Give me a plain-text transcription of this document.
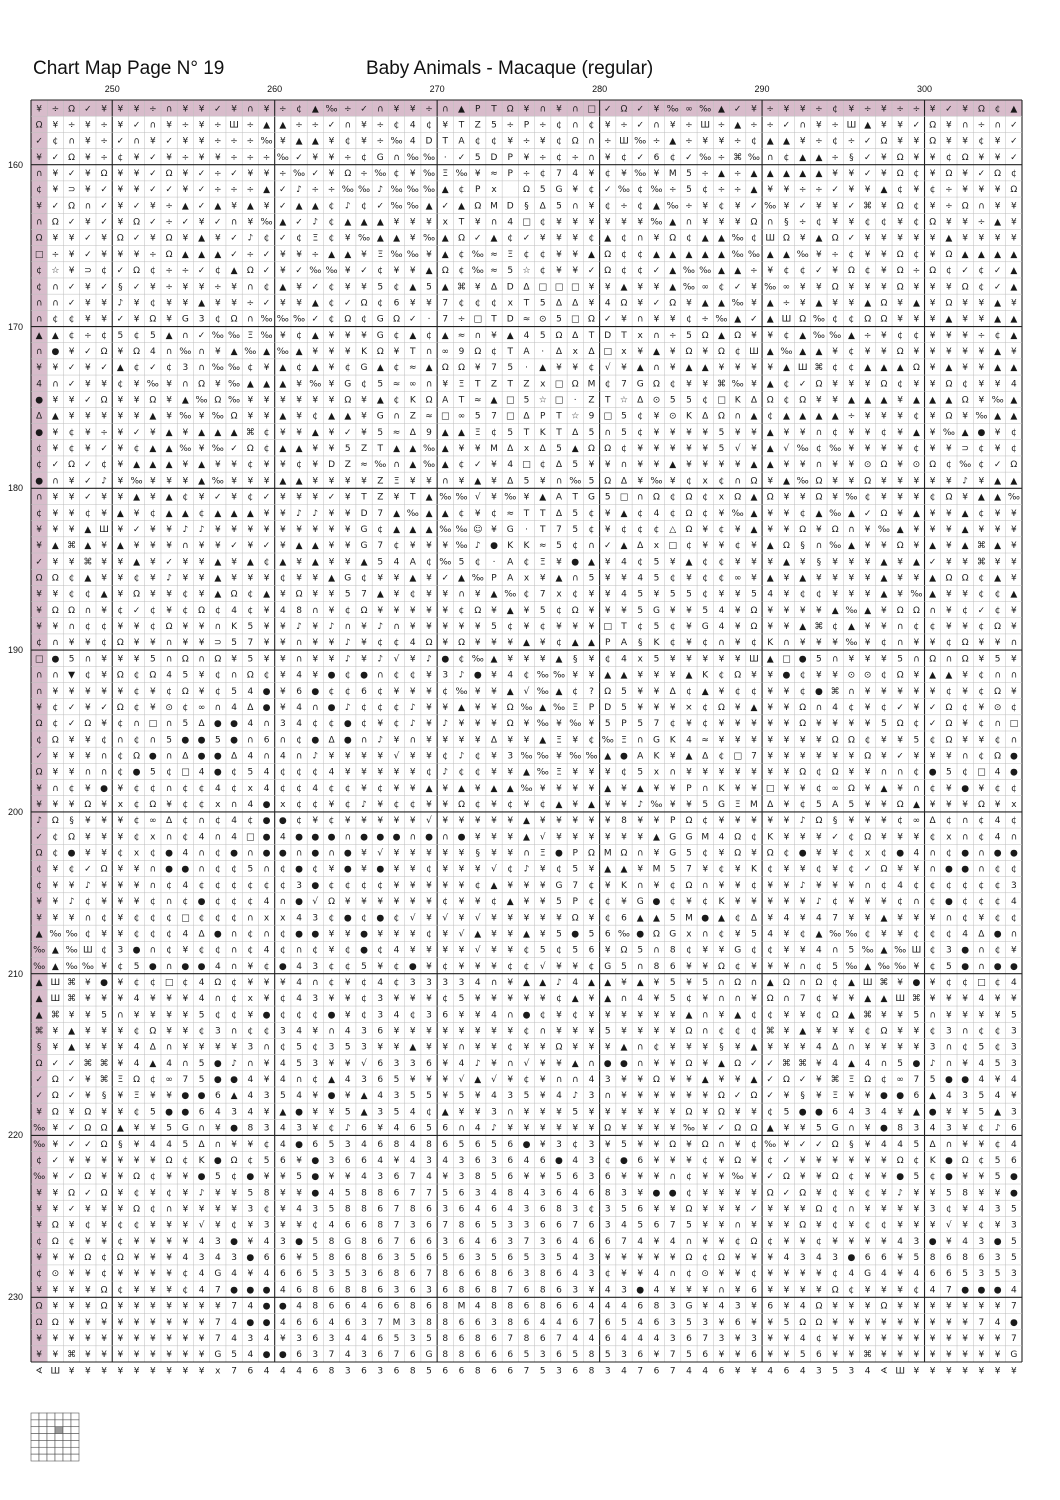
Chart Map Page N° 19	Baby Animals - Macaque (regular)
250	260	270	280	290	300
160
170
180
190
200
210
220
230
¥ ÷ Ω ✓ ¥ ¥ ¥ ÷ ∩ ¥ ¥ ✓ ¥ ∩ ¥ ÷ ¢ ▲ ‰ ÷ ✓ ∩ ¥ ¥ ÷ ∩ ▲ P T Ω ¥ ∩ ¥ ∩ □ ✓ Ω ✓ ¥ ‰ ∞ ‰ ▲ ✓ ¥ ÷ ¥ ¥ ÷ ¢ ¥ ÷ ¥ ÷ ÷ ¥ ✓ ¥ Ω ¢ ▲
Ω ¥ ÷ ¥ ÷ ¥ ✓ ∩ ¥ ÷ ¥ ÷ Ш ÷ ▲ ▲ ÷ ÷ ✓ ∩ ¥ ÷ ¢ 4 ¢ ¥ T Z 5 ÷ P ÷ ¢ ∩ ¢ ¥ ÷ ✓ ∩ ¥ ÷ Ш ÷ ▲ ÷ ÷ ✓ ∩ ¥ ÷ Ш ▲ ¥ ¥ ✓ Ω ¥ ∩ ÷ ∩ ✓
✓ ¢ ∩ ¥ ÷ ✓ ∩ ¥ ✓ ¥ ¥ ÷ ÷ ÷ ‰ ¥ ▲ ▲ ¥ ¢ ¥ ÷ ‰ 4 D T A ¢ ¢ ¥ ÷ ¥ ¢ Ω ∩ ÷ Ш ‰ ÷ ▲ ÷ ¥ ¥ ÷ ¢ ▲ ▲ ¥ ÷ ¢ ÷ ✓ Ω ¥ ¥ Ω ¥ ¥ ¢ ¥ ✓
¥ ✓ Ω ¥ ÷ ¢ ¥ ✓ ¥ ÷ ¥ ¥ ÷ ÷ ÷ ‰ ✓ ¥ ¥ ÷ ¢ G ∩ ‰ ‰ · ✓ 5 D P ¥ ÷ ¢ ÷ ∩ ¥ ¢ ✓ 6 ¢ ✓ ‰ ÷ ⌘ ‰ ∩ ¢ ▲ ▲ ÷ § ✓ ¥ Ω ¥ ¥ ¢ Ω ¥ ¥ ✓
∩ ¥ ✓ ¥ Ω ¥ ¥ ✓ Ω ¥ ✓ ÷ ✓ ¥ ¥ ÷ ‰ ✓ ¥ Ω ÷ ‰ ¢ ¥ ‰ Ξ ‰ ¥ ≈ P ÷ ¢ 7 4 ¥ ¢ ¥ ‰ ¥ M 5 ÷ ▲ ÷ ▲ ▲ ▲ ▲ ▲ ¥ ¥ ✓ ¥ Ω ¢ ¥ Ω ¥ ✓ Ω ¢
¢ ¥ ⊃ ¥ ✓ ¥ ¥ ✓ ✓ ¥ ✓ ÷ ÷ ÷ ▲ ✓ ♪ ÷ ÷ ‰ ‰ ♪ ‰ ‰ ‰ ▲ ¢ P x	Ω 5 G ¥ ¢ ✓ ‰ ¢ ‰ ÷ 5 ¢ ÷ ÷ ▲ ¥ ¥ ÷ ÷ ✓ ¥ ¥ ▲ ¢ ¥ ¢ ÷ ¥ ¥ ¥ Ω
¥ ✓ Ω ∩ ✓ ¥ ✓ ¥ ÷ ▲ ✓ ▲ ¥ ▲ ¥ ✓ ▲ ▲ ¢ ♪ ¢ ✓ ‰ ‰ ▲ ✓ ▲ Ω M D § Δ 5 ∩ ¥ ¢ ÷ ¢ ▲ ‰ ÷ ¥ ¢ ¥ ✓ ‰ ¥ ✓ ¥ ¥ ✓ ⌘ ¥ Ω ¢ ¥ ÷ Ω ∩ ¥ ¥
∩ Ω ✓ ¥ ✓ ¥ Ω ✓ ÷ ✓ ¥ ✓ ∩ ¥ ‰ ▲ ✓ ♪ ¢ ▲ ▲ ▲ ¥ ¥ ¥ x T ¥ ∩ 4 □ ¢ ¥ ¥ ¥ ¥ ¥ ¥ ‰ ▲ ∩ ¥ ¥ ¥ Ω ∩ § ÷ ¢ ¥ ¥ ¢ ¢ ¥ ¢ Ω ¥ ¥ ÷ ▲ ¥
Ω ¥ ¥ ✓ ¥ Ω ✓ ¥ Ω ¥ ▲ ¥ ✓ ♪ ¢ ✓ ¢ Ξ ¢ ¥ ‰ ▲ ▲ ¥ ‰ ▲ Ω ✓ ▲ ¢ ✓ ¥ ¥ ¥ ¢ ▲ ¢ ∩ ¥ Ω ¢ ▲ ▲ ‰ ¢ Ш Ω ¥ ▲ Ω ✓ ¥ ¥ ¥ ¥ ¥ ▲ ¥ ¥ ¥ ¥
□ ÷ ¥ ✓ ¥ ¥ ¥ ÷ Ω ▲ ▲ ▲ ✓ ÷ ✓ ¥ ¥ ÷ ▲ ▲ ¥ Ξ ‰ ‰ ¥ ▲ ¢ ‰ ≈ Ξ ¢ ¢ ¥ ¥ ▲ Ω ¢ ¢ ▲ ▲ ▲ ▲ ▲ ‰ ‰ ▲ ▲ ‰ ¥ ÷ ¢ ¥ ¥ Ω ¢ ¥ Ω ▲ ▲ ▲ ▲
¢ ☆ ¥ ⊃ ¢ ✓ Ω ¢ ÷ ÷ ✓ ¢ ▲ Ω ✓ ¥ ✓ ‰ ‰ ¥ ✓ ¢ ¥ ¥ ▲ Ω ¢ ‰ ≈ 5 ☆ ¢ ¥ ¥ ✓ Ω ¢ ¢ ✓ ▲ ‰ ‰ ▲ ▲ ÷ ¥ ¢ ¢ ✓ ¥ Ω ¢ ¥ Ω ÷ Ω ¢ ✓ ¢ ✓ ▲
¢ ∩ ✓ ¥ ✓ § ✓ ¥ ÷ ¥ ¥ ÷ ¥ ∩ ¢ ▲ ¥ ✓ ¢ ¥ ¥ 5 ¢ ▲ 5 ▲ ⌘ ¥ Δ D Δ □ □ □ ¥ ¥ ▲ ¥ ¥ ▲ ‰ ∞ ¢ ✓ ¥ ‰ ∞ ¥ ¥ Ω ¥ ¥ ¥ Ω ¥ ¥ ¥ Ω ¢ ✓ ▲
∩ ∩ ✓ ¥ ¥ ♪ ¥ ¢ ¥ ¥ ▲ ¥ ¥ ÷ ✓ ¥ ¥ ▲ ¢ ✓ Ω ¢ 6 ¥ ¥ 7 ¢ ¢ ¢ x T 5 Δ Δ ¥ 4 Ω ¥ ✓ Ω ¥ ▲ ▲ ‰ ¥ ▲ ÷ ¥ ▲ ¥ ¥ ▲ Ω ¥ ▲ ¥ Ω ¥ ¥ ▲ ¥
∩ ¢ ¢ ¥ ¥ ✓ ¥ Ω ¥ G 3 ¢ Ω ∩ ‰ ‰ ‰ ✓ ¢ Ω ¢ G Ω ✓ · 7 ÷ □ T D ≈ ⊙ 5 □ Ω ✓ ¥ ∩ ¥ ¥ ¢ ÷ ‰ ▲ ✓ ▲ Ш Ω ‰ ¢ ¢ Ω Ω ¥ ¥ ¥ ▲ ¥ ¥ ▲ ▲
▲ ▲ ¢ ÷ ¢ 5 ¢ 5 ▲ ∩ ✓ ‰ ‰ Ξ ‰ ¥ ¢ ▲ ¥ ¥ ¥ G ¢ ▲ ¢ ▲ ≈ ∩ ¥ ▲ 4 5 Ω Δ T D T x ∩ ÷ 5 Ω ▲ Ω ¥ ¥ ¢ ▲ ‰ ‰ ▲ ÷ ¥ ¢ ¢ ¥ ¥ ¥ ÷ ¢ ▲
∩ ● ¥ ✓ Ω ¥ Ω 4 ∩ ‰ ∩ ¥ ▲ ‰ ▲ ‰ ▲ ¥ ¥ ¥ K Ω ¥ T ∩ ∞ 9 Ω ¢ T A · Δ x ∆ □ x ¥ ▲ ¥ Ω ¥ Ω ¢ Ш ▲ ‰ ▲ ▲ ¥ ¢ ¥ ¥ Ω ¥ ¥ ¥ ¥ ¥ ▲ ¥
¥ ¥ ✓ ¥ ✓ ▲ ¢ ✓ ¢ 3 ∩ ‰ ‰ ¢ ¥ ▲ ¢ ▲ ¥ ¢ G ▲ ¢ ≈ ▲ Ω Ω ¥ 7 5 · ▲ ¥ ¥ ¢ √ ¥ ▲ ∩ ¥ ▲ ▲ ¥ ¥ ¥ ¥ ▲ Ш ⌘ ¢ ¢ ▲ ▲ ▲ Ω ¥ ▲ ¥ ¥ ▲ ▲
4 ∩ ✓ ¥ ¥ ¢ ¥ ‰ ¥ ∩ Ω ¥ ‰ ▲ ▲ ▲ ¥ ‰ ¥ G ¢ 5 ≈ ∞ ∩ ¥ Ξ T Z T Z x □ Ω M ¢ 7 G Ω ¢ ¥ ¥ ⌘ ‰ ¥ ▲ ¢ ✓ Ω ¥ ¥ ¥ Ω ¢ ¥ ¥ Ω ¢ ¥ ¥ 4
● ¥ ¥ ✓ Ω ¥ ¥ Ω ¥ ▲ ‰ Ω ‰ ¥ ¥ ¥ ¥ ¥ ¥ Ω ¥ ▲ ¢ K Ω A T ≈ ▲ □ 5 ☆ □ · Z T ☆ Δ ⊙ 5 5 ¢ □ K Δ Ω ¢ Ω ¥ ¥ ▲ ▲ ▲ ¥ ▲ ▲ ▲ Ω ¥ ‰ ▲
Δ ▲ ¥ ¥ ¥ ¥ ¥ ▲ ¥ ‰ ¥ ‰ Ω ¥ ¥ ▲ ¥ ¢ ▲ ▲ ¥ G ∩ Z ≈ □ ∞ 5 7 □ Δ P T ☆ 9 □ 5 ¢ ¥ ⊙ K Δ Ω ∩ ▲ ¢ ▲ ▲ ▲ ▲ ÷ ¥ ¥ ¥ ¢ ¥ Ω ¥ ‰ ▲ ▲
● ¥ ¢ ¥ ÷ ¥ ✓ ¥ ▲ ¥ ▲ ▲ ▲ ⌘ ¢ ¥ ¥ ▲ ¥ ✓ ¥ 5 ≈ Δ 9 ▲ ▲ Ξ ¢ 5 T K T Δ 5 ∩ 5 ¢ ¥ ¥ ¥ ¥ 5 ¥ ¥ ▲ ¥ ¥ ∩ ¢ ¥ ¥ ¢ ¥ ▲ ¥ ‰ ▲ ● ¥ ¢
¢ ¥ ¢ ¥ ✓ ¥ ¢ ▲ ▲ ‰ ¥ ‰ ✓ Ω ¢ ▲ ▲ ¥ ¥ 5 Z T ▲ ▲ ‰ ▲ ¥ ¥ M Δ x Δ 5 ▲ Ω Ω ¢ ¥ ¥ ¥ ¥ ¥ 5 √ ¥ ▲ √ ‰ ¢ ‰ ¥ ¥ ¥ ¥ ¢ ¥ ¥ ⊃ ¢ ¥ ¢
¢ ✓ Ω ✓ ¢ ¥ ▲ ▲ ▲ ¥ ▲ ¥ ¥ ¢ ¥ ¥ ¢ ¥ D Z ≈ ‰ ∩ ▲ ‰ ▲ ¢ ✓ ¥ 4 □ ¢ Δ 5 ¥ ¥ ∩ ¥ ¥ ▲ ¥ ¥ ¥ ¥ ▲ ▲ ¥ ¥ ∩ ¥ ¥ ⊙ Ω ¥ ⊙ Ω ¢ ‰ ¢ ✓ Ω
● ∩ ¥ ✓ ♪ ¥ ‰ ¥ ¥ ¥ ▲ ‰ ¥ ¥ ¥ ▲ ▲ ¥ ¥ ¥ ¥ Z Ξ ¥ ¥ ∩ ¥ ▲ ¥ Δ 5 ¥ ∩ ‰ 5 Ω Δ ¥ ‰ ¥ ¢ x ¢ ∩ Ω ¥ ▲ ‰ Ω ¥ ¥ Ω ¥ ¥ ¥ ¥ ¥ ♪ ¥ ▲ ▲
∩ ¥ ¥ ✓ ¥ ¥ ▲ ¥ ▲ ¢ ¥ ✓ ¥ ¢ ✓ ¥ ¥ ¥ ✓ ¥ T Z ¥ T ▲ ‰ ‰ √ ¥ ‰ ¥ ▲ A T G 5 □ ∩ Ω ¢ Ω ¢ x Ω ▲ Ω ¥ ¥ Ω ¥ ‰ ¢ ¥ ¥ ¥ ¢ Ω ¥ ▲ ▲ ‰
¢ ¥ ¥ ¢ ¥ ▲ ¥ ¢ ▲ ▲ ¢ ▲ ▲ ▲ ¥ ¥ ♪ ♪ ¥ ¥ D 7 ▲ ‰ ▲ ▲ ¢ ¥ ¢ ≈ T T Δ 5 ¢ ¥ ▲ ¢ 4 ¢ Ω ¢ ¥ ‰ ▲ ¥ ¥ ¢ ▲ ‰ ▲ ✓ Ω ¥ ▲ ¥ ¥ ▲ ¢ ¥ ¥
¥ ¥ ¥ ▲ Ш ¥ ✓ ¥ ¥ ♪ ♪ ¥ ¥ ¥ ¥ ¥ ¥ ¥ ¥ ¥ G ¢ ▲ ▲ ▲ ‰ ‰ ☺ ¥ G · T 7 5 ¢ ¥ ¢ ¢ ¢ △ Ω ¥ ¢ ¥ ▲ ¥ ¥ Ω ¥ Ω ∩ ¥ ‰ ▲ ¥ ¥ ¥ ▲ ¥ ¥ ¥
¥ ▲ ⌘ ▲ ¥ ▲ ¥ ¥ ¥ ∩ ¥ ¥ ✓ ¥ ✓ ¥ ▲ ▲ ¥ ¥ G 7 ¢ ¥ ¥ ¥ ‰ ♪ ● K K ≈ 5 ¢ ∩ ✓ ▲ Δ x □ ¢ ¥ ¥ ¢ ¥ ▲ Ω § ∩ ‰ ▲ ¥ ¥ Ω ¥ ▲ ¥ ▲ ⌘ ▲ ¥
✓ ¥ ¥ ⌘ ¥ ¥ ▲ ¥ ✓ ¥ ¥ ▲ ¥ ▲ ¢ ▲ ¥ ▲ ¥ ¥ ▲ 5 4 A ¢ ‰ 5 ¢ · A ¢ Ξ ¥ ● ▲ ¥ 4 ¢ 5 ¥ ▲ ¢ ¢ ¥ ¥ ¥ ▲ ¥ § ¥ ¥ ¥ ▲ ¥ ▲ ✓ ¥ ¥ ⌘ ¥ ¥
Ω Ω ¢ ▲ ¥ ¥ ¢ ¥ ♪ ¥ ¥ ▲ ¥ ¥ ¥ ¢ ¥ ¥ ▲ G ¢ ¥ ¥ ▲ ¥ ✓ ▲ ‰ P A x ¥ ▲ ∩ 5 ¥ ¥ 4 5 ¢ ¥ ¢ ¢ ∞ ¥ ▲ ¥ ▲ ¥ ¥ ¥ ¥ ▲ ¥ ¥ ▲ Ω Ω ¢ ▲ ¥
¥ ¥ ¢ ¢ ▲ ¥ Ω ¥ ¥ ¢ ¥ ▲ Ω ¢ ▲ ¥ Ω ¥ ¥ 5 7 ▲ ¥ ¢ ¥ ¥ ∩ ¥ ▲ ‰ ¢ 7 x ¢ ¥ ¥ 4 5 ¥ 5 5 ¢ ¥ ¥ 5 4 ¥ ¢ ¢ ¥ ¥ ¥ ▲ ¥ ‰ ▲ ¥ ¥ ¢ ¢ ▲
¥ Ω Ω ∩ ¥ ¢ ✓ ¢ ¥ ¢ Ω ¢ 4 ¢ ¥ 4 8 ∩ ¥ ¢ Ω ¥ ¥ ¥ ¥ ¥ ¢ Ω ¥ ▲ ¥ 5 ¢ Ω ¥ ¥ ¥ 5 G ¥ ¥ 5 4 ¥ Ω ¥ ¥ ¥ ¥ ▲ ‰ ▲ ¥ Ω Ω ∩ ¥ ¢ ✓ ¢ ¥
¥ ¥ ∩ ¢ ¢ ¥ ¥ ¢ Ω ¥ ¥ ∩ K 5 ¥ ¥ ♪ ¥ ♪ ∩ ¥ ♪ ∩ ¥ ¥ ¥ ¥ ¥ 5 ¢ ¥ ¢ ¥ ¥ ¥ □ T ¢ 5 ¢ ¥ G 4 ¥ Ω ¥ ¥ ▲ ⌘ ¢ ▲ ¥ ¥ ∩ ¢ ¢ ¥ ¥ ¢ Ω ¥
¢ ∩ ¥ ¥ ¢ Ω ¥ ¥ ∩ ¥ ¥ ⊃ 5 7 ¥ ¥ ∩ ¥ ¥ ♪ ¥ ¢ ¢ 4 Ω ¥ Ω ¥ ¥ ¥ ▲ ¥ ¢ ▲ ▲ P A § K ¢ ¥ ¢ ∩ ¥ ¢ K ∩ ¥ ¥ ¥ ‰ ¥ ¢ ∩ ¥ ¥ ¢ Ω ¥ ¥ ∩
□ ● 5 ∩ ¥ ¥ ¥ 5 ∩ Ω ∩ Ω ¥ 5 ¥ ¥ ∩ ¥ ¥ ♪ ¥ ♪ √ ¥ ♪ ● ¢ ‰ ▲ ¥ ¥ ¥ ▲ § ¥ ¢ 4 x 5 ¥ ¥ ¥ ¥ ¥ Ш ▲ □ ● 5 ∩ ¥ ¥ ¥ 5 ∩ Ω ∩ Ω ¥ 5 ¥
∩ ∩ ▼ ¢ ¥ Ω ¢ Ω 4 5 ¥ ¢ ∩ Ω ¢ ¥ 4 ¥ ● ¢ ● ∩ ¢ ¢ ¥ 3 ♪ ● ¥ 4 ¢ ‰ ‰ ¥ ¥ ▲ ▲ ¥ ¥ ¥ ▲ K ¢ Ω ¥ ¥ ● ¢ ¥ ¥ ⊙ ⊙ ¢ Ω ¥ ▲ ▲ ¥ ¢ ∩ ∩
∩ ¥ ¥ ¥ ¥ ¥ ¢ ¥ ¢ Ω ¥ ¢ 5 4 ● ¥ 6 ● ¢ ¢ 6 ¢ ¥ ¥ ¥ ¢ ‰ ¥ ¥ ▲ √ ‰ ▲ ¢ ? Ω 5 ¥ ¥ Δ ¢ ▲ ¥ ¢ ¢ ¥ ¥ ¢ ● ⌘ ∩ ¥ ¥ ¥ ¥ ¥ ¢ ¥ ¢ Ω ¥
¥ ¢ ✓ ¥ ✓ Ω ¢ ¥ ⊙ ¢ ∞ ∩ 4 Δ ● ¥ 4 ∩ ● ♪ ¢ ¢ ¢ ♪ ¥ ¥ ▲ ¥ ¥ Ω ‰ ▲ ‰ Ξ P D 5 ¥ ¥ ¥ × ¢ Ω ¥ ▲ ¥ ¥ Ω ∩ 4 ¢ ¥ ¢ ✓ ¥ ✓ Ω ¢ ¥ ⊙ ¢
Ω ¢ ✓ Ω ¥ ¢ ∩ □ ∩ 5 Δ ● ● 4 ∩ 3 4 ¢ ¢ ● ¢ ¥ ¢ ♪ ¥ ♪ ¥ ¥ ¥ Ω ¥ ‰ ¥ ‰ ¥ 5 P 5 7 ¢ ¥ ¢ ¥ ¥ ¥ ¥ ¥ Ω ¥ ¥ ¥ ¥ 5 Ω ¢ ✓ Ω ¥ ¢ ∩ □
¢ Ω ¥ ¥ ¢ ∩ ¢ ∩ 5 ● ● 5 ● ∩ 6 ∩ ¢ ● Δ ● ∩ ♪ ¥ ∩ ¥ ¥ ¥ ¥ Δ ¥ ¥ ▲ Ξ ¥ ¢ ‰ Ξ ∩ G K 4 ≈ ¥ ¥ ¥ ¥ ¥ ¥ ¥ Ω Ω ¢ ¥ ¥ 5 ¢ Ω ¥ ¥ ¢ ∩
✓ ¥ ¥ ¥ ∩ ¢ Ω ● ∩ Δ ● ● Δ 4 ∩ 4 ∩ ♪ ¥ ¥ ¥ ¥ √ ¥ ¥ ¢ ♪ ¢ ¥ 3 ‰ ‰ ¥ ‰ ‰ ▲ ● A K ¥ ▲ Δ ¢ □ 7 ¥ ¥ ¥ ¥ ¥ ¥ Ω ¥ ✓ ¥ ¥ ¥ ∩ ¢ Ω ●
Ω ¥ ¥ ∩ ∩ ¢ ● 5 ¢ □ 4 ● ¢ 5 4 ¢ ¢ ¢ 4 ¥ ¥ ¥ ¥ ¥ ¢ ♪ ¢ ¢ ¥ ¥ ▲ ‰ Ξ ¥ ¥ ¥ ¢ 5 x ∩ ¥ ¥ ¥ ¥ ¥ ¥ ¥ Ω ¢ Ω ¥ ¥ ∩ ∩ ¢ ● 5 ¢ □ 4 ●
¥ ∩ ¢ ¥ ● ¥ ¢ ¢ ∩ ¢ ¢ 4 ¢ x 4 ¢ ¢ 4 ¢ ¢ ¥ ¢ ¥ ¥ ▲ ¥ ▲ ¥ ▲ ▲ ‰ ¥ ¥ ¥ ¥ ▲ ¥ ▲ ¥ ¥ P ∩ K ¥ ¥ □ ¥ ¥ ¢ ∞ Ω ¥ ▲ ¥ ∩ ¢ ¥ ● ¥ ¢ ¢
¥ ¥ ¥ Ω ¥ x ¢ Ω ¥ ¢ ¢ x ∩ 4 ● x ¢ ¢ ¥ ¢ ♪ ¥ ¢ ¢ ¥ ¥ Ω ¢ ¥ ¢ ¥ ¢ ▲ ¥ ▲ ¥ ¥ ♪ ‰ ¥ ¥ 5 G Ξ M Δ ¥ ¢ 5 A 5 ¥ ¥ Ω ▲ ¥ ¥ ¥ Ω ¥ x
♪ Ω § ¥ ¥ ¥ ¢ ∞ Δ ¢ ∩ ¢ 4 ¢ ● ● ¢ ¥ ¢ ¥ ¥ ¥ ¥ ¥ √ ¥ ¥ ¥ ¥ ¥ ▲ ¥ ¥ ¥ ¥ ¥ 8 ¥ ¥ P Ω ¢ ¥ ¥ ¥ ¥ ¥ ♪ Ω § ¥ ¥ ¥ ¢ ∞ Δ ¢ ∩ ¢ 4 ¢
✓ ¢ Ω ¥ ¥ ¥ ¢ x ∩ ¢ 4 ∩ 4 □ ● 4 ● ● ● ∩ ● ● ● ∩ ● ∩ ● ¥ ¥ ¥ ▲ √ ¥ ¥ ¥ ¥ ¥ ¥ ▲ G G M 4 Ω ¢ K ¥ ¥ ¥ ✓ ¢ Ω ¥ ¥ ¥ ¢ x ∩ ¢ 4 ∩
Ω ¢ ● ¥ ¥ ¢ x ¢ ● 4 ∩ ¢ ● ∩ ● ● ∩ ● ∩ ● ¥ √ ¥ ¥ ¥ ¥ ¥ § ¥ ¥ ∩ Ξ ● P Ω M Ω ∩ ¥ G 5 ¢ ¥ Ω ¥ Ω ¢ ● ¥ ¥ ¢ x ¢ ● 4 ∩ ¢ ● ∩ ● ●
¢ ¥ ¢ ✓ Ω ¥ ¥ ∩ ● ● ∩ ¢ ¢ 5 ∩ ¢ ● ¢ ¥ ● ¥ ● ¥ ¥ ¢ ¥ ¥ ¥ √ ¢ ♪ ¥ ¢ 5 ¥ ▲ ▲ ¥ M 5 7 ¥ ¢ ¥ K ¢ ¥ ¥ ¢ ¥ ¢ ✓ Ω ¥ ¥ ∩ ● ● ∩ ¢ ¢
¢ ¥ ¥ ♪ ¥ ¥ ¥ ∩ ¢ 4 ¢ ¢ ¢ ¢ ¢ ¢ 3 ● ¢ ¢ ¢ ¢ ¥ ¥ ¥ ¥ ¥ ¢ ▲ ¥ ¥ ¥ G 7 ¢ ¥ K ∩ ¥ ¢ Ω ∩ ¥ ¥ ¢ ¥ ¥ ♪ ¥ ¥ ¥ ∩ ¢ 4 ¢ ¢ ¢ ¢ ¢ ¢ 3
¥ ¥ ♪ ¢ ¥ ¥ ¥ ¢ ∩ ¢ ● ¢ ¢ ¢ 4 ∩ ● √ Ω ¥ ¥ ¥ ¥ ¥ ¥ ¢ ¥ ¥ ¢ ▲ ¥ ¥ 5 P ¢ ¢ ¥ G ● ¢ ¥ ¢ K ¥ ¥ ¥ ¥ ¥ ♪ ¢ ¥ ¥ ¥ ¢ ∩ ¢ ● ¢ ¢ ¢ 4
¥ ¥ ¥ ∩ ¢ ¥ ¢ ¢ ¢ □ ¢ ¢ ¢ ∩ x x 4 3 ¢ ● ¢ ● ¢ √ ¥ √ ¥ √ ¥ ¥ ¥ ¥ ¥ Ω ¥ ¢ 6 ▲ ▲ 5 M ● ▲ ¢ Δ ¥ 4 ¥ 4 7 ¥ ¥ ▲ ¥ ¥ ¥ ∩ ¢ ¥ ¢ ¢
▲ ‰ ‰ ¢ ¥ ¥ ¢ ¢ ¢ 4 Δ ● ∩ ¢ ∩ ¢ ● ● ¥ ¥ ● ¥ ¥ ¥ ¢ ¥ √ ▲ ¥ ¥ ▲ ¥ 5 ● 5 6 ‰ ● Ω G x ∩ ¢ ¥ 5 4 ¥ ¢ ▲ ‰ ‰ ¢ ¥ ¥ ¢ ¢ ¢ 4 Δ ● ∩
‰ ▲ ‰ Ш ¢ 3 ● ∩ ¢ ¥ ¢ ¢ ∩ ¢ 4 ¢ ∩ ¢ ¥ ¢ ● ¢ 4 ¥ ¥ ¥ ¥ √ ¥ ¥ ¢ 5 ¢ 5 6 ¥ Ω 5 ∩ 8 ¢ ¥ ¥ G ¢ ¢ ¥ ¥ 4 ∩ 5 ‰ ▲ ‰ Ш ¢ 3 ● ∩ ¢ ¥
‰ ▲ ‰ ‰ ¥ ¢ 5 ● ∩ ● ● 4 ∩ ¥ ¢ ● 4 3 ¢ ¢ 5 ¥ ¢ ● ¥ ¢ ¥ ¥ ¥ ¢ ¢ √ ¥ ¥ ¢ G 5 ∩ 8 6 ¥ ¥ Ω ¢ ¥ ¥ ¥ ∩ ¢ 5 ‰ ▲ ‰ ‰ ¥ ¢ 5 ● ∩ ● ●
▲ Ш ⌘ ¥ ● ¥ ¢ ¢ □ ¢ 4 Ω ¢ ¥ ¥ ¥ 4 ∩ ¢ ¥ ¢ 4 ¢ 3 3 3 3 4 ∩ ¥ ▲ ▲ ♪ 4 ▲ ▲ ¥ ▲ ¥ 5 ¥ 5 ∩ Ω ∩ ▲ Ω ∩ Ω ¢ ▲ Ш ⌘ ¥ ● ¥ ¢ ¢ □ ¢ 4
▲ Ш ⌘ ¥ ¥ ¥ 4 ¥ ¥ ¥ 4 ∩ ¢ x ¥ ¢ 4 3 ¥ ¥ ¢ 3 ¥ ¥ ¥ ¢ 5 ¥ ¥ ¥ ¥ ¥ ¢ ▲ ¥ ▲ ∩ 4 ¥ 5 ¢ ¥ ∩ ∩ ¥ Ω ∩ 7 ¢ ¥ ¥ ▲ ▲ Ш ⌘ ¥ ¥ ¥ 4 ¥ ¥
▲ ⌘ ¥ ¥ 5 ∩ ¥ ¥ ¥ ¥ 5 ¢ ¢ ¥ ● ¢ ¢ ¢ ● ¥ ¢ 3 4 ¢ 3 6 ¥ ¥ 4 ∩ ● ¢ ¥ ¢ ¥ ¥ ¥ ¥ ¥ ¥ ▲ ∩ ¥ ▲ ¢ ¢ ¥ ¥ ¢ Ω ▲ ⌘ ¥ ¥ 5 ∩ ¥ ¥ ¥ ¥ 5
⌘ ¥ ▲ ¥ ¥ ¥ ¢ Ω ¥ ¥ ¢ 3 ∩ ¢ ¢ 3 4 ¥ ∩ 4 3 6 ¥ ¥ ¥ ¥ ¥ ¥ ¥ ¥ ¢ ∩ ¥ ¥ ¥ 5 ¥ ¥ ¥ ¥ Ω ∩ ¢ ¢ ¢ ⌘ ¥ ▲ ¥ ¥ ¥ ¢ Ω ¥ ¥ ¢ 3 ∩ ¢ ¢ 3
§ ¥ ▲ ¥ ¥ ¥ 4 Δ ∩ ¥ ¥ ¥ ¥ 3 ∩ ¢ 5 ¢ 3 5 3 ¥ ¥ ▲ ¥ ¥ ∩ ¥ ¥ ¢ ¥ ¥ Ω ¥ ¥ ¥ ▲ ∩ ¢ ¥ ¥ ¥ § ¥ ▲ ¥ ¥ ¥ 4 Δ ∩ ¥ ¥ ¥ ¥ 3 ∩ ¢ 5 ¢ 3
Ω ✓ ✓ ⌘ ⌘ ¥ 4 ▲ 4 ∩ 5 ● ♪ ∩ ¥ 4 5 3 ¥ ¥ √ 6 3 3 6 ¥ 4 ♪ ¥ ∩ √ ¥ ¥ ▲ ∩ ● ● ∩ ¥ ¥ Ω ¥ ▲ Ω ✓ ✓ ⌘ ⌘ ¥ 4 ▲ 4 ∩ 5 ● ♪ ∩ ¥ 4 5 3
✓ Ω ✓ ¥ ⌘ Ξ Ω ¢ ∞ 7 5 ● ● 4 ¥ 4 ∩ ¢ ▲ 4 3 6 5 ¥ ¥ ¥ √ ▲ √ ¥ ¢ ¥ ∩ ∩ 4 3 ¥ ¥ Ω ¥ ¥ ▲ ¥ ¥ ▲ ✓ Ω ✓ ¥ ⌘ Ξ Ω ¢ ∞ 7 5 ● ● 4 ¥ 4
✓ Ω ✓ ¥ § ¥ Ξ ¥ ¥ ● ● 6 ▲ 4 3 5 4 ¥ ● ¥ ▲ 4 3 5 5 ¥ 5 ¥ 4 3 5 ¥ 4 ♪ 3 ∩ ¥ ¥ ¥ ¥ ¥ ¥ Ω ✓ Ω ✓ ¥ § ¥ Ξ ¥ ¥ ● ● 6 ▲ 4 3 5 4 ¥
¥ Ω ¥ Ω ¥ ¥ ¢ 5 ● ● 6 4 3 4 ¥ ▲ ● ¥ ¥ 5 ▲ 3 5 4 ¢ ▲ ¥ ¥ 3 ∩ ¥ ¥ ¥ 5 ¥ ¥ ¥ ¥ ¥ ¥ Ω ¥ Ω ¥ ¥ ¢ 5 ● ● 6 4 3 4 ¥ ▲ ● ¥ ¥ 5 ▲ 3
‰ ¥ ✓ Ω Ω ▲ ¥ ¥ 5 G ∩ ¥ ● 8 3 4 3 ¥ ¢ ♪ 6 ¥ 4 6 5 6 ∩ 4 ♪ ¥ ¥ ¥ ¥ ¥ ¥ Ω ¥ ¥ ¥ ¥ ‰ ¥ ✓ Ω Ω ▲ ¥ ¥ 5 G ∩ ¥ ● 8 3 4 3 ¥ ¢ ♪ 6
‰ ¥ ✓ ✓ Ω § ¥ 4 4 5 Δ ∩ ¥ ¥ ¢ 4 ● 6 5 3 4 6 8 4 8 6 5 6 5 6 ● ¥ 3 ¢ 3 ¥ 5 ¥ ¥ Ω ¥ Ω ∩ ¥ ¢ ‰ ¥ ✓ ✓ Ω § ¥ 4 4 5 Δ ∩ ¥ ¥ ¢ 4
¢ ✓ ¥ ¥ ¥ ¥ ¥ ¥ Ω ¢ K ● Ω ¢ 5 6 ¥ ● 3 6 6 4 ¥ 4 3 4 3 6 3 6 4 6 ● 4 3 ¢ ● 6 ¥ ¥ ¥ ¢ ¥ Ω ¥ ¢ ✓ ¥ ¥ ¥ ¥ ¥ ¥ Ω ¢ K ● Ω ¢ 5 6
‰ ¥ ✓ Ω ¥ ¥ Ω ¢ ¥ ¥ ● 5 ¢ ● ¥ ¥ 5 ● ¥ ¥ 4 3 6 7 4 ¥ 3 8 5 6 ¥ ¥ 5 6 3 6 ¥ ¥ ¥ ∩ ¢ ¥ ¥ ‰ ¥ ✓ Ω ¥ ¥ Ω ¢ ¥ ¥ ● 5 ¢ ● ¥ ¥ 5 ●
¥ ¥ Ω ✓ Ω ¥ ¢ ¥ ¢ ¥ ♪ ¥ ¥ 5 8 ¥ ¥ ● 4 5 8 8 6 7 7 5 6 3 4 8 4 3 6 4 6 8 3 ¥ ● ● ¢ ¥ ¥ ¥ ¥ Ω ✓ Ω ¥ ¢ ¥ ¢ ¥ ♪ ¥ ¥ 5 8 ¥ ¥ ●
¥ ¥ ✓ ¥ ¥ ¥ Ω ¢ ∩ ¥ ¥ ¥ ¥ 3 ¢ ¥ 4 3 5 8 8 6 7 8 6 3 6 4 6 4 3 6 8 3 ¢ 3 5 6 ¥ ¥ Ω ¥ ¥ ¥ ✓ ¥ ¥ ¥ Ω ¢ ∩ ¥ ¥ ¥ ¥ 3 ¢ ¥ 4 3 5
¥ Ω ¥ ¢ ¥ ¢ ¢ ¥ ¥ ¥ √ ¥ ¢ ¥ 3 ¥ ¥ ¢ 4 6 6 8 7 3 6 7 8 6 5 3 3 6 6 7 6 3 4 5 6 7 5 ¥ ¥ ∩ ¥ ¥ ¥ Ω ¥ ¢ ¥ ¢ ¢ ¥ ¥ ¥ √ ¥ ¢ ¥ 3
¢ Ω ¢ ¥ ¥ ¢ ¥ ¥ ¥ ¥ 4 3 ● ¥ 4 3 ● 5 8 G 8 6 7 6 6 3 6 4 6 3 7 3 6 4 6 6 7 4 ¥ 4 ∩ ¥ ¥ ¢ Ω ¢ ¥ ¥ ¢ ¥ ¥ ¥ ¥ 4 3 ● ¥ 4 3 ● 5
¥ ¥ ¥ Ω ¢ Ω ¥ ¥ ¥ 4 3 4 3 ● 6 6 ¥ 5 8 6 8 6 3 5 6 5 6 3 5 6 5 3 5 4 3 ¥ ¥ ¥ ¥ ¥ Ω ¢ Ω ¥ ¥ ¥ 4 3 4 3 ● 6 6 ¥ 5 8 6 8 6 3 5
¢ ⊙ ¥ ¥ ¢ ¥ ¥ ¥ ¥ ¢ 4 G 4 ¥ 4 6 6 5 3 5 3 6 8 6 7 8 6 6 8 6 3 8 6 4 3 ¢ ¥ ¥ 4 ∩ ¢ ⊙ ¥ ¥ ¢ ¥ ¥ ¥ ¥ ¢ 4 G 4 ¥ 4 6 6 5 3 5 3
¥ ¥ ¥ ¥ Ω ¢ ¥ ¥ ¥ ¢ 4 7 ● ● ● 4 6 8 6 8 8 6 3 6 3 6 8 6 8 7 6 8 6 3 ¥ 4 3 ● 4 ¥ ¥ ¥ ∩ ¥ 6 ¥ ¥ ¥ ¥ Ω ¢ ¥ ¥ ¥ ¢ 4 7 ● ● ● 4
Ω ¥ ¥ ¥ Ω ¥ ¥ ¥ ¥ ¥ ¥ ¥ 7 4 ● ● 4 8 6 6 4 6 6 8 6 8 M 4 8 8 6 8 6 6 4 4 4 6 8 3 G ¥ 4 3 ¥ 6 ¥ 4 Ω ¥ ¥ ¥ Ω ¥ ¥ ¥ ¥ ¥ ¥ ¥ 7
Ω Ω ¥ ¥ ¥ ¥ ¥ ¥ ¥ ¥ ¥ 7 4 ● ● 4 6 6 4 6 3 7 M 3 8 8 6 6 3 8 6 4 4 6 7 6 5 4 6 3 5 3 ¥ 6 ¥ ¥ 5 Ω Ω ¥ ¥ ¥ ¥ ¥ ¥ ¥ ¥ ¥ 7 4 ●
¥ ¥ ¥ ¥ ¥ ¥ ¥ ¥ ¥ ¥ ¥ 7 4 3 4 ¥ 3 6 3 4 4 6 5 3 5 8 6 8 6 7 8 6 7 4 4 6 4 4 4 3 6 7 3 ¥ 3 ¥ ¥ 4 ¢ ¥ ¥ ¥ ¥ ¥ ¥ ¥ ¥ ¥ ¥ ¥ 7
¥ ¥ ⌘ ¥ ¥ ¥ ¥ ¥ ¥ ¥ ¥ G 5 4 ● ● 6 3 7 4 3 6 7 6 G 8 8 6 6 6 5 3 6 5 8 5 3 6 ¥ 7 5 6 ¥ ¥ 6 ¥ ¥ 5 6 ¥ ¥ ⌘ ¥ ¥ ¥ ¥ ¥ ¥ ¥ ¥ G
∢ Ш ¥ ¥ ¥ ¥ ¥ ¥ ¥ ¥ ¥ x 7 6 4 4 4 6 8 3 6 3 6 8 5 6 6 8 6 6 7 5 3 6 8 3 4 7 6 7 4 4 6 ¥ ¥ 4 6 4 3 5 3 4 ∢ Ш ¥ ¥ ¥ ¥ ¥ ¥ ¥
